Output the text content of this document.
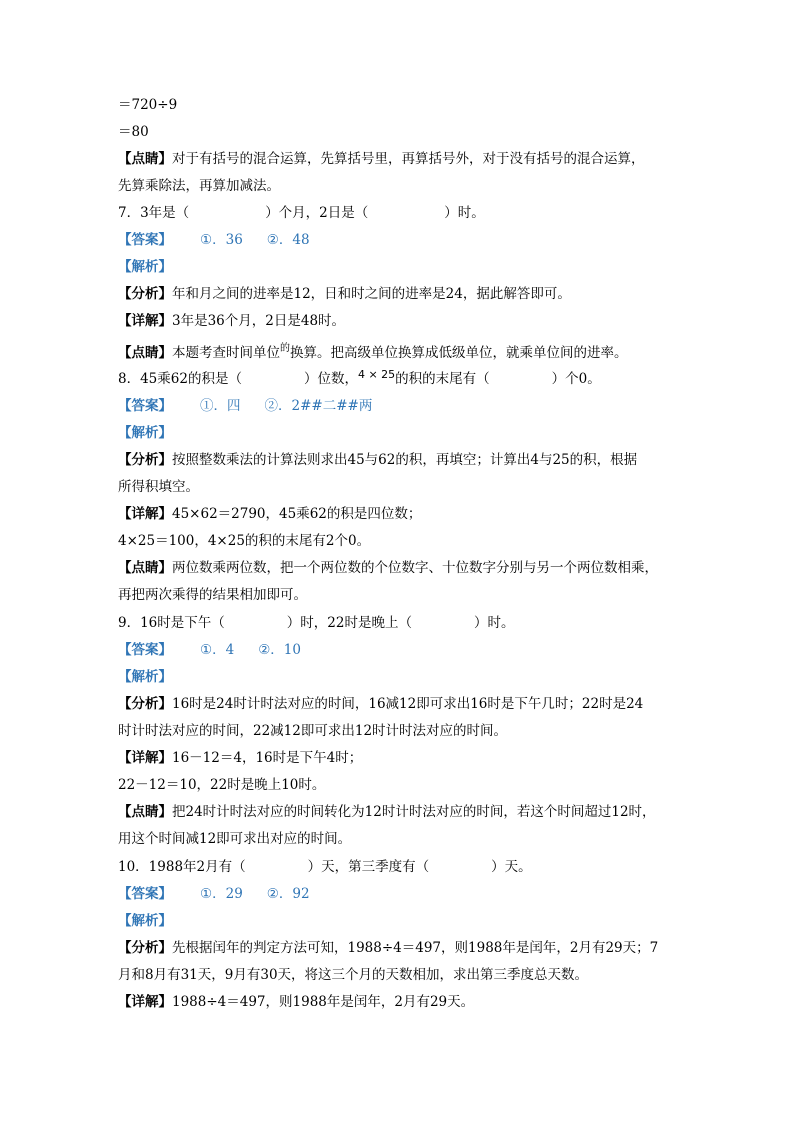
＝720÷9
＝80
【点睛】对于有括号的混合运算，先算括号里，再算括号外，对于没有括号的混合运算，
先算乘除法，再算加减法。
7．3年是（	）个月，2日是（	）时。
【答案】 ①．36 ②．48
【解析】
【分析】年和月之间的进率是12，日和时之间的进率是24，据此解答即可。
【详解】3年是36个月，2日是48时。
【点睛】本题考查时间单位$^的$换算。把高级单位换算成低级单位，就乘单位间的进率。
8．45乘62的积是（	）位数，$^{4 \times 25}$的积的末尾有（	）个0。
【答案】 ①．四 ②．2##二##两
【解析】
【分析】按照整数乘法的计算法则求出45与62的积，再填空；计算出4与25的积，根据
所得积填空。
【详解】45×62＝2790，45乘62的积是四位数；
4×25＝100，4×25的积的末尾有2个0。
【点睛】两位数乘两位数，把一个两位数的个位数字、十位数字分别与另一个两位数相乘，
再把两次乘得的结果相加即可。
9．16时是下午（	）时，22时是晚上（	）时。
【答案】 ①．4 ②．10
【解析】
【分析】16时是24时计时法对应的时间，16减12即可求出16时是下午几时；22时是24
时计时法对应的时间，22减12即可求出12时计时法对应的时间。
【详解】16－12＝4，16时是下午4时；
22－12＝10，22时是晚上10时。
【点睛】把24时计时法对应的时间转化为12时计时法对应的时间，若这个时间超过12时，
用这个时间减12即可求出对应的时间。
10．1988年2月有（	）天，第三季度有（	）天。
【答案】 ①．29 ②．92
【解析】
【分析】先根据闰年的判定方法可知，1988÷4＝497，则1988年是闰年，2月有29天；7
月和8月有31天，9月有30天，将这三个月的天数相加，求出第三季度总天数。
【详解】1988÷4＝497，则1988年是闰年，2月有29天。
